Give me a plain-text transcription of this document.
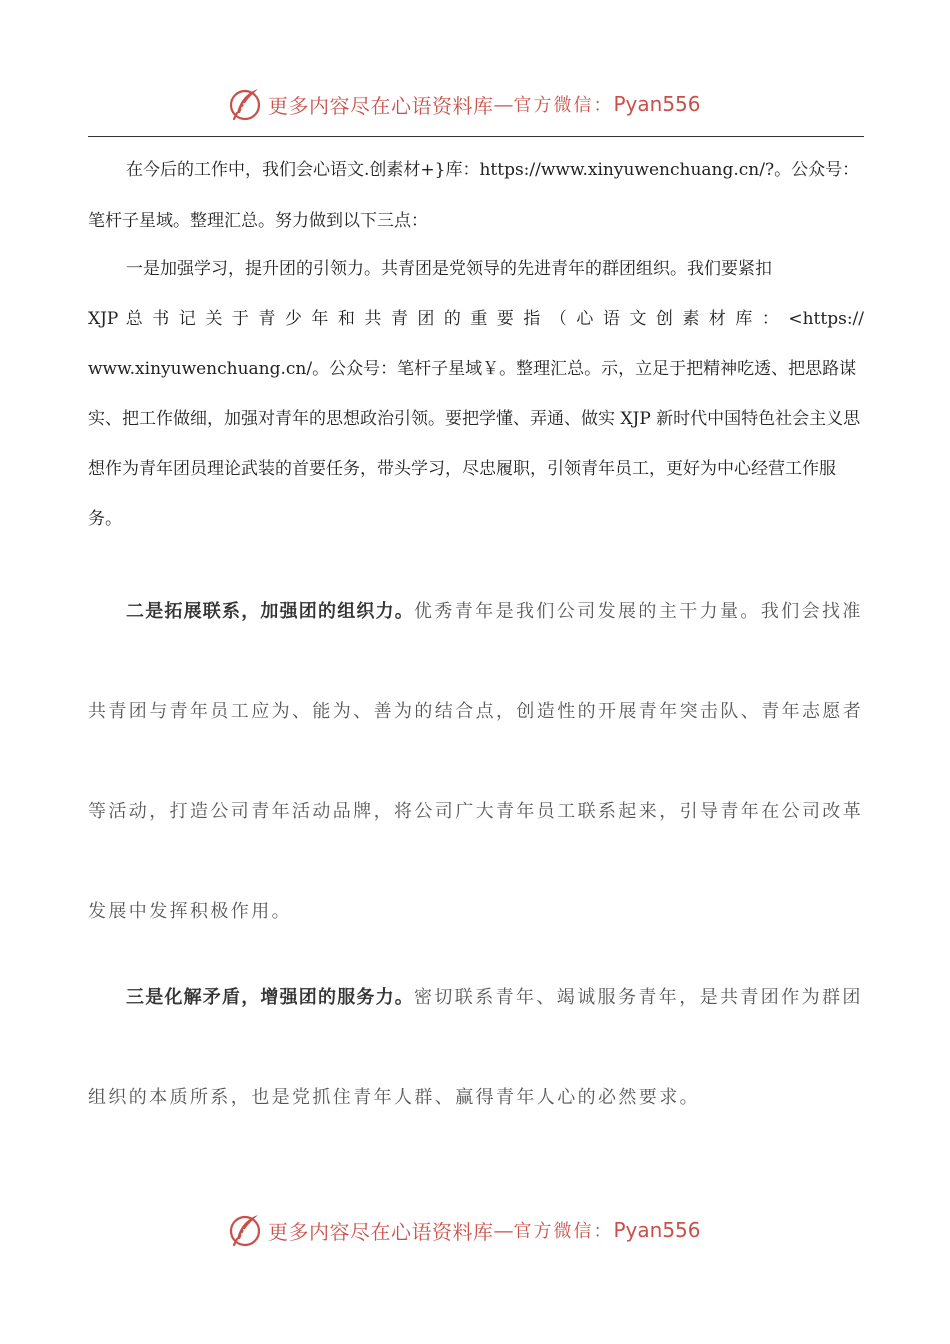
更多内容尽在心语资料库 — 官方微信： Pyan556

在今后的工作中，我们会心语文.创素材+}库：https://www.xinyuwenchuang.cn/?。公众号：笔杆子星域。整理汇总。努力做到以下三点：

一是加强学习，提升团的引领力。共青团是党领导的先进青年的群团组织。我们要紧扣
XJP 总 书 记 关 于 青 少 年 和 共 青 团 的 重 要 指 （ 心 语 文 创 素 材 库 ： <https://
www.xinyuwenchuang.cn/。公众号：笔杆子星域￥。整理汇总。示，立足于把精神吃透、把思路谋实、把工作做细，加强对青年的思想政治引领。要把学懂、弄通、做实 XJP 新时代中国特色社会主义思想作为青年团员理论武装的首要任务，带头学习，尽忠履职，引领青年员工，更好为中心经营工作服务。

二是拓展联系，加强团的组织力。优秀青年是我们公司发展的主干力量。我们会找准共青团与青年员工应为、能为、善为的结合点，创造性的开展青年突击队、青年志愿者等活动，打造公司青年活动品牌，将公司广大青年员工联系起来，引导青年在公司改革发展中发挥积极作用。

三是化解矛盾，增强团的服务力。密切联系青年、竭诚服务青年，是共青团作为群团组织的本质所系，也是党抓住青年人群、赢得青年人心的必然要求。

更多内容尽在心语资料库 — 官方微信： Pyan556
